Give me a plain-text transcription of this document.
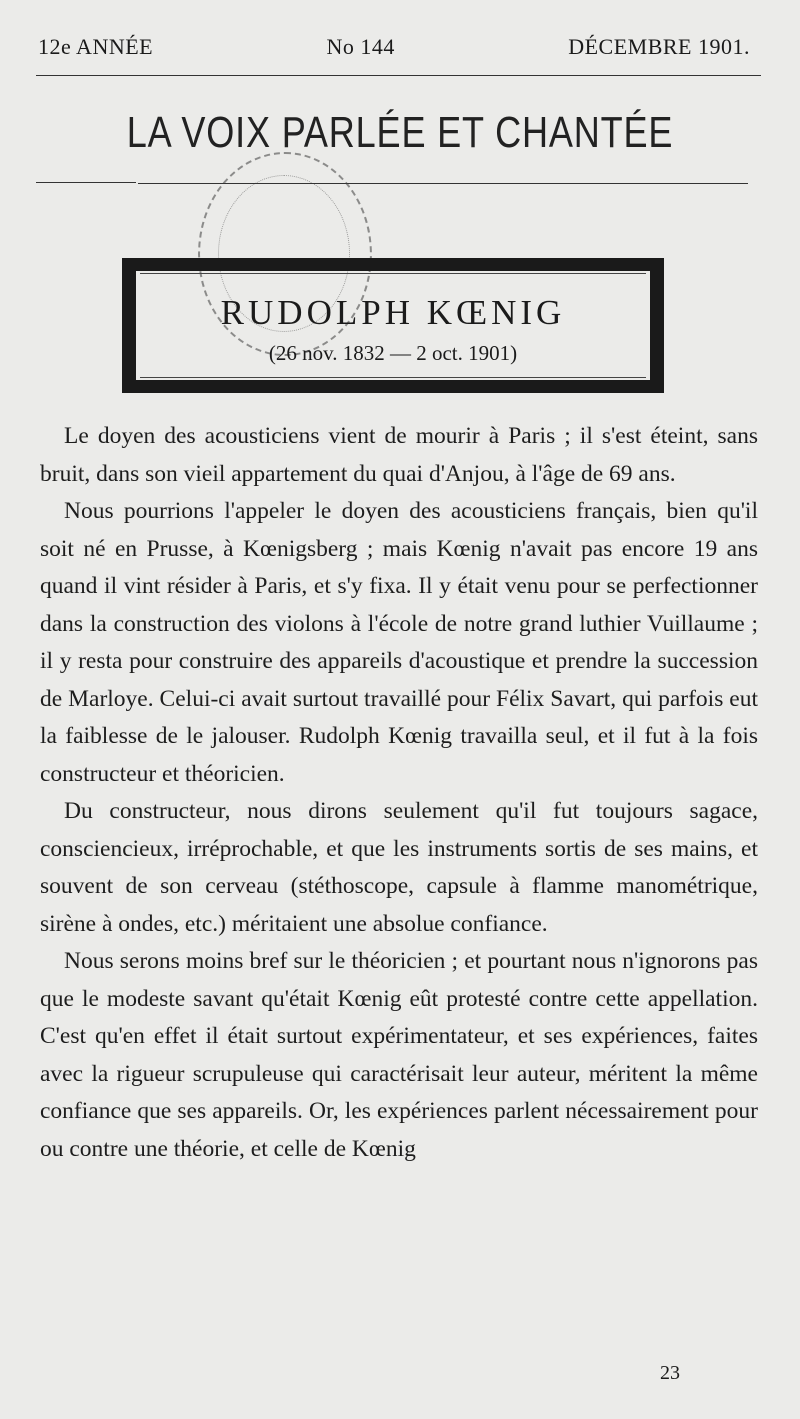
12e ANNÉE	No 144	DÉCEMBRE 1901.
LA VOIX PARLÉE ET CHANTÉE
RUDOLPH KŒNIG
(26 nov. 1832 — 2 oct. 1901)

Le doyen des acousticiens vient de mourir à Paris ; il s'est éteint, sans bruit, dans son vieil appartement du quai d'Anjou, à l'âge de 69 ans.

Nous pourrions l'appeler le doyen des acousticiens français, bien qu'il soit né en Prusse, à Kœnigsberg ; mais Kœnig n'avait pas encore 19 ans quand il vint résider à Paris, et s'y fixa. Il y était venu pour se perfectionner dans la construction des violons à l'école de notre grand luthier Vuillaume ; il y resta pour construire des appareils d'acoustique et prendre la succession de Marloye. Celui-ci avait surtout travaillé pour Félix Savart, qui parfois eut la faiblesse de le jalouser. Rudolph Kœnig travailla seul, et il fut à la fois constructeur et théoricien.

Du constructeur, nous dirons seulement qu'il fut toujours sagace, consciencieux, irréprochable, et que les instruments sortis de ses mains, et souvent de son cerveau (stéthoscope, capsule à flamme manométrique, sirène à ondes, etc.) méritaient une absolue confiance.

Nous serons moins bref sur le théoricien ; et pourtant nous n'ignorons pas que le modeste savant qu'était Kœnig eût protesté contre cette appellation. C'est qu'en effet il était surtout expérimentateur, et ses expériences, faites avec la rigueur scrupuleuse qui caractérisait leur auteur, méritent la même confiance que ses appareils. Or, les expériences parlent nécessairement pour ou contre une théorie, et celle de Kœnig

23
